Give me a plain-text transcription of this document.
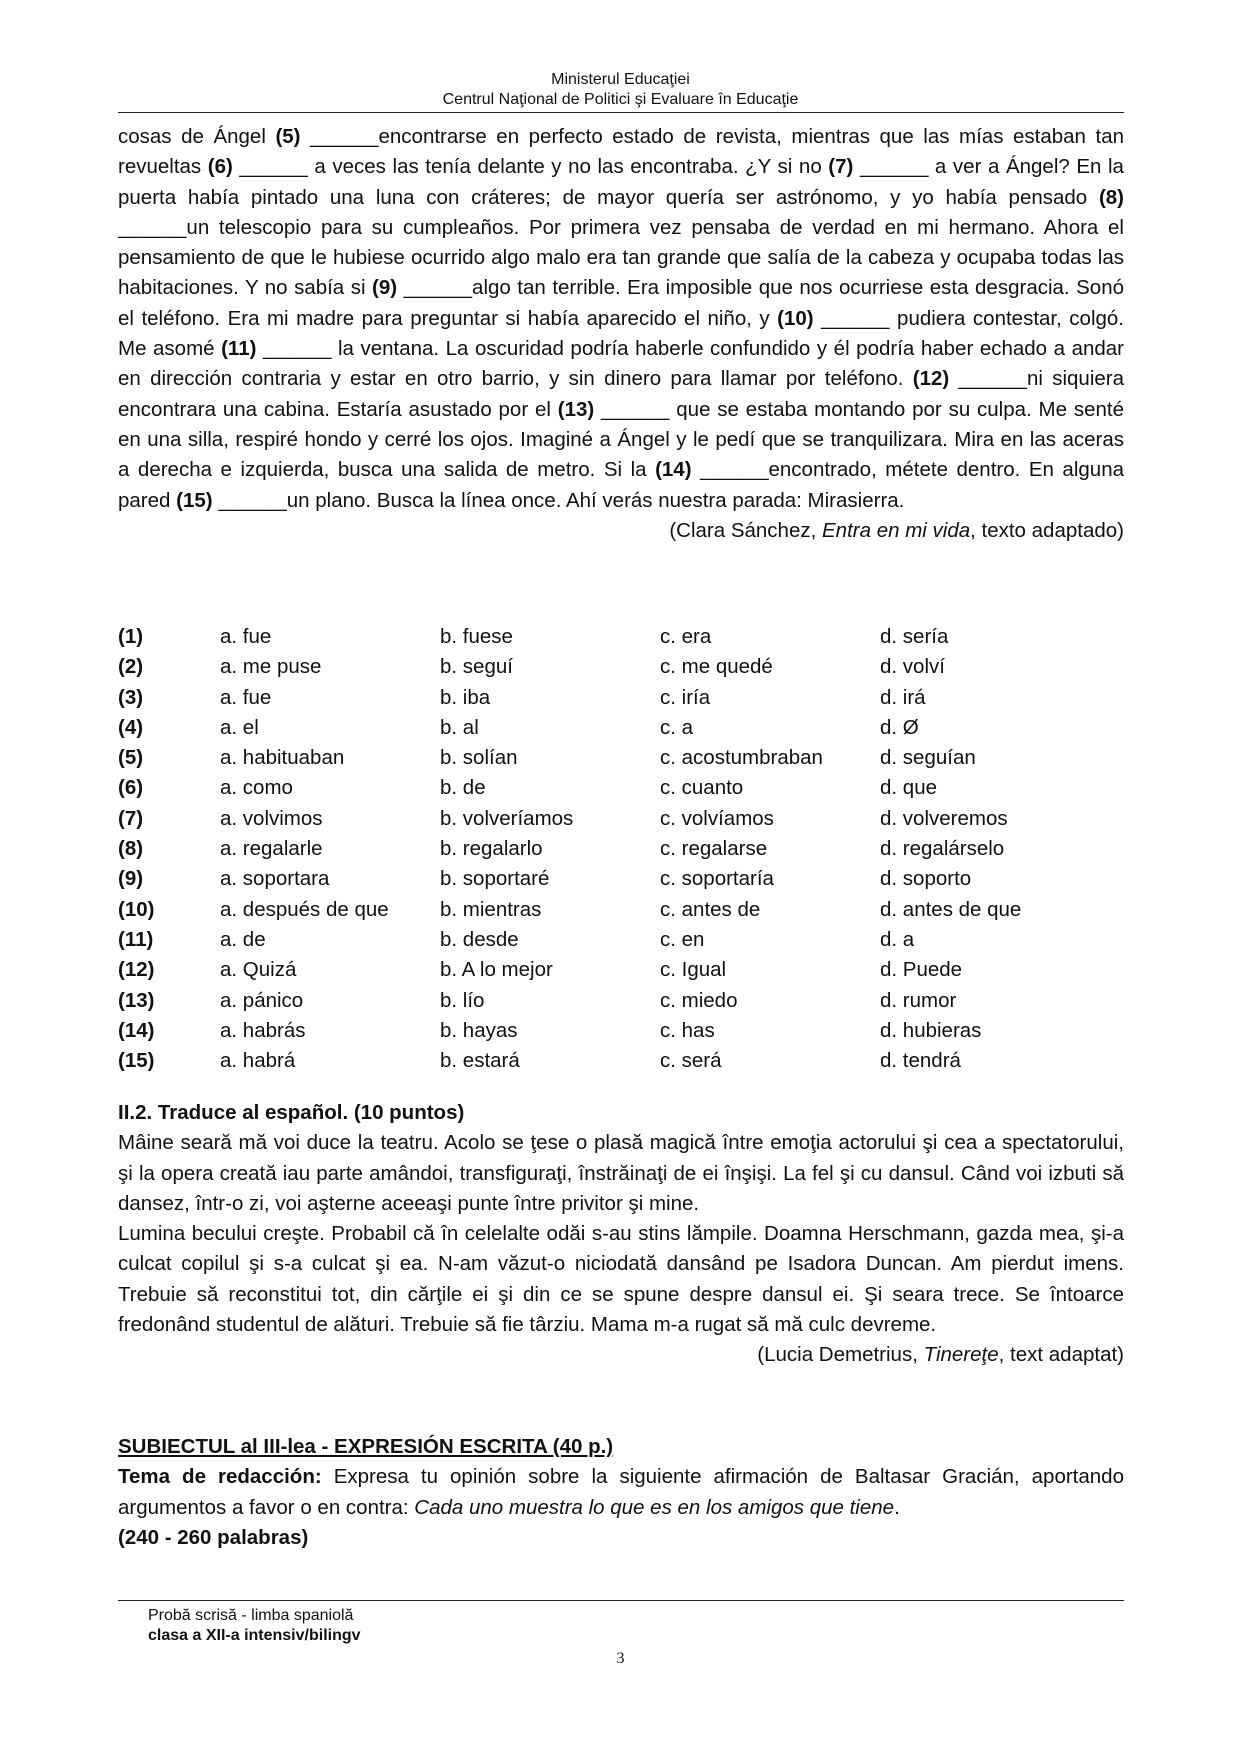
Ministerul Educaţiei
Centrul Naţional de Politici şi Evaluare în Educaţie

cosas de Ángel (5) ______encontrarse en perfecto estado de revista, mientras que las mías estaban tan revueltas (6) ______ a veces las tenía delante y no las encontraba. ¿Y si no (7) ______ a ver a Ángel? En la puerta había pintado una luna con cráteres; de mayor quería ser astrónomo, y yo había pensado (8) ______un telescopio para su cumpleaños. Por primera vez pensaba de verdad en mi hermano. Ahora el pensamiento de que le hubiese ocurrido algo malo era tan grande que salía de la cabeza y ocupaba todas las habitaciones. Y no sabía si (9) ______algo tan terrible. Era imposible que nos ocurriese esta desgracia. Sonó el teléfono. Era mi madre para preguntar si había aparecido el niño, y (10) ______ pudiera contestar, colgó. Me asomé (11) ______ la ventana. La oscuridad podría haberle confundido y él podría haber echado a andar en dirección contraria y estar en otro barrio, y sin dinero para llamar por teléfono. (12) ______ni siquiera encontrara una cabina. Estaría asustado por el (13) ______ que se estaba montando por su culpa. Me senté en una silla, respiré hondo y cerré los ojos. Imaginé a Ángel y le pedí que se tranquilizara. Mira en las aceras a derecha e izquierda, busca una salida de metro. Si la (14) ______encontrado, métete dentro. En alguna pared (15) ______un plano. Busca la línea once. Ahí verás nuestra parada: Mirasierra.

(Clara Sánchez, Entra en mi vida, texto adaptado)

(1)	a. fue	b. fuese	c. era	d. sería
(2)	a. me puse	b. seguí	c. me quedé	d. volví
(3)	a. fue	b. iba	c. iría	d. irá
(4)	a. el	b. al	c. a	d. Ø
(5)	a. habituaban	b. solían	c. acostumbraban	d. seguían
(6)	a. como	b. de	c. cuanto	d. que
(7)	a. volvimos	b. volveríamos	c. volvíamos	d. volveremos
(8)	a. regalarle	b. regalarlo	c. regalarse	d. regalárselo
(9)	a. soportara	b. soportaré	c. soportaría	d. soporto
(10)	a. después de que	b. mientras	c. antes de	d. antes de que
(11)	a. de	b. desde	c. en	d. a
(12)	a. Quizá	b. A lo mejor	c. Igual	d. Puede
(13)	a. pánico	b. lío	c. miedo	d. rumor
(14)	a. habrás	b. hayas	c. has	d. hubieras
(15)	a. habrá	b. estará	c. será	d. tendrá

II.2. Traduce al español. (10 puntos)

Mâine seară mă voi duce la teatru. Acolo se ţese o plasă magică între emoţia actorului şi cea a spectatorului, şi la opera creată iau parte amândoi, transfiguraţi, înstrăinaţi de ei înşişi. La fel şi cu dansul. Când voi izbuti să dansez, într-o zi, voi aşterne aceeaşi punte între privitor şi mine.

Lumina becului creşte. Probabil că în celelalte odăi s-au stins lămpile. Doamna Herschmann, gazda mea, şi-a culcat copilul şi s-a culcat şi ea. N-am văzut-o niciodată dansând pe Isadora Duncan. Am pierdut imens. Trebuie să reconstitui tot, din cărţile ei şi din ce se spune despre dansul ei. Şi seara trece. Se întoarce fredonând studentul de alături. Trebuie să fie târziu. Mama m-a rugat să mă culc devreme.

(Lucia Demetrius, Tinereţe, text adaptat)

SUBIECTUL al III-lea - EXPRESIÓN ESCRITA (40 p.)

Tema de redacción: Expresa tu opinión sobre la siguiente afirmación de Baltasar Gracián, aportando argumentos a favor o en contra: Cada uno muestra lo que es en los amigos que tiene.

(240 - 260 palabras)

Probă scrisă - limba spaniolă
clasa a XII-a intensiv/bilingv
3
